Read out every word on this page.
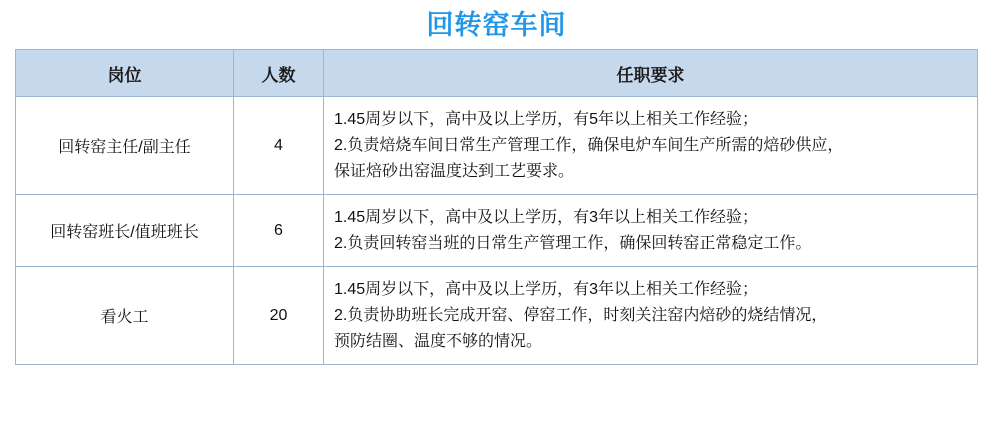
回转窑车间
岗位	人数	任职要求
回转窑主任/副主任	4	1.45周岁以下，高中及以上学历，有5年以上相关工作经验；
2.负责焙烧车间日常生产管理工作，确保电炉车间生产所需的焙砂供应，
保证焙砂出窑温度达到工艺要求。

回转窑班长/值班班长	6	1.45周岁以下，高中及以上学历，有3年以上相关工作经验；
2.负责回转窑当班的日常生产管理工作，确保回转窑正常稳定工作。

看火工	20	1.45周岁以下，高中及以上学历，有3年以上相关工作经验；
2.负责协助班长完成开窑、停窑工作，时刻关注窑内焙砂的烧结情况，
预防结圈、温度不够的情况。
